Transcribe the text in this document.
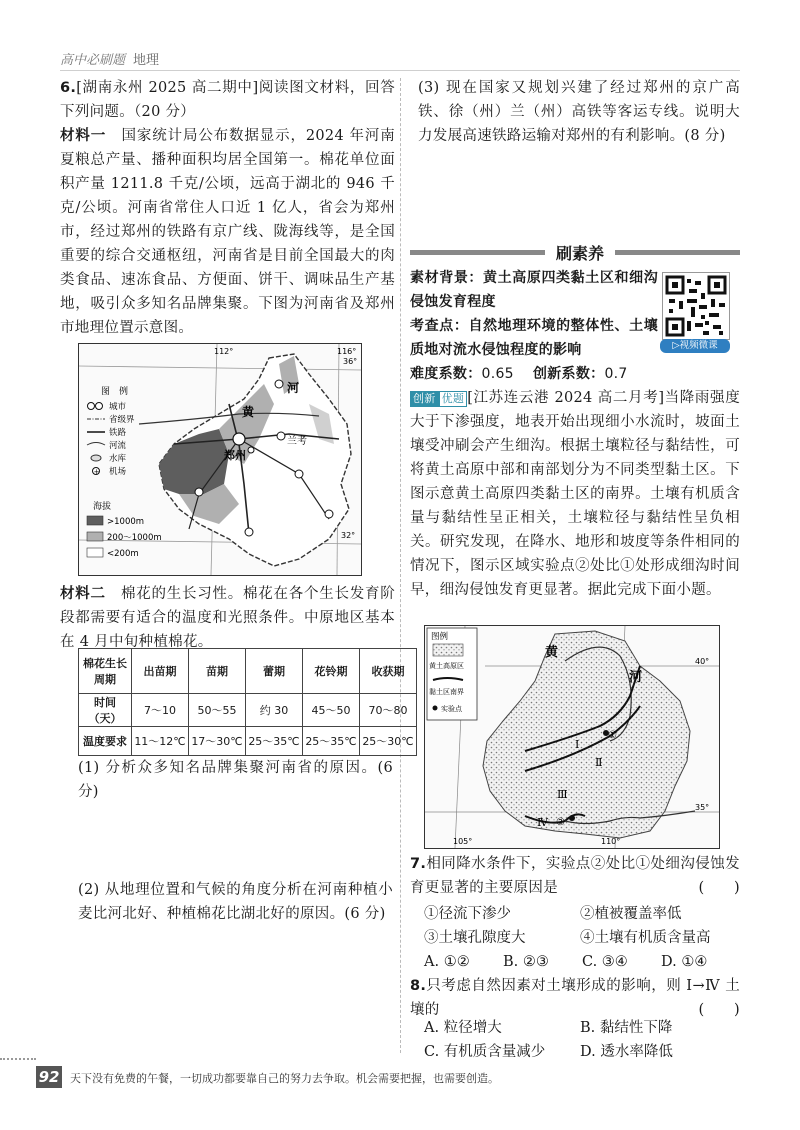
高中必刷题 地理

6.[湖南永州 2025 高二期中]阅读图文材料，回答下列问题。（20 分）

材料一　 国家统计局公布数据显示，2024 年河南夏粮总产量、播种面积均居全国第一。棉花单位面积产量 1211.8 千克/公顷，远高于湖北的 946 千克/公顷。河南省常住人口近 1 亿人，省会为郑州市，经过郑州的铁路有京广线、陇海线等，是全国重要的综合交通枢纽，河南省是目前全国最大的肉类食品、速冻食品、方便面、饼干、调味品生产基地，吸引众多知名品牌集聚。下图为河南省及郑州市地理位置示意图。

112°	116°
36°
32°
黄
河
郑州
兰考
图　例
城市
省级界
铁路
河流
水库
+ 机场
海拔
>1000m
200～1000m
<200m

材料二　 棉花的生长习性。棉花在各个生长发育阶段都需要有适合的温度和光照条件。中原地区基本在 4 月中旬种植棉花。

棉花生长周期	出苗期	苗期	蕾期	花铃期	收获期
时间（天）	7～10	50～55	约 30	45～50	70～80
温度要求	11～12℃	17～30℃	25～35℃	25～35℃	25～30℃

(1) 分析众多知名品牌集聚河南省的原因。(6 分)

(2) 从地理位置和气候的角度分析在河南种植小麦比河北好、种植棉花比湖北好的原因。(6 分)

(3) 现在国家又规划兴建了经过郑州的京广高铁、徐（州）兰（州）高铁等客运专线。说明大力发展高速铁路运输对郑州的有利影响。(8 分)

刷素养

素材背景：黄土高原四类黏土区和细沟侵蚀发育程度

考查点：自然地理环境的整体性、土壤质地对流水侵蚀程度的影响

难度系数：0.65　 创新系数：0.7

▷视频微课

创新 优题 [江苏连云港 2024 高二月考]当降雨强度大于下渗强度，地表开始出现细小水流时，坡面土壤受冲刷会产生细沟。根据土壤粒径与黏结性，可将黄土高原中部和南部划分为不同类型黏土区。下图示意黄土高原四类黏土区的南界。土壤有机质含量与黏结性呈正相关，土壤粒径与黏结性呈负相关。研究发现，在降水、地形和坡度等条件相同的情况下，图示区域实验点②处比①处形成细沟时间早，细沟侵蚀发育更显著。据此完成下面小题。

①
②
黄
河
Ⅰ
Ⅱ
Ⅲ
Ⅳ
40°
35°
105°	110°
图例
黄土高原区
黏土区南界
实验点

7.相同降水条件下，实验点②处比①处细沟侵蚀发育更显著的主要原因是	(　　)

①径流下渗少	②植被覆盖率低
③土壤孔隙度大	④土壤有机质含量高
A. ①②	B. ②③	C. ③④	D. ①④

8.只考虑自然因素对土壤形成的影响，则 Ⅰ→Ⅳ 土壤的	(　　)

A. 粒径增大	B. 黏结性下降
C. 有机质含量减少	D. 透水率降低
92 天下没有免费的午餐，一切成功都要靠自己的努力去争取。机会需要把握，也需要创造。
